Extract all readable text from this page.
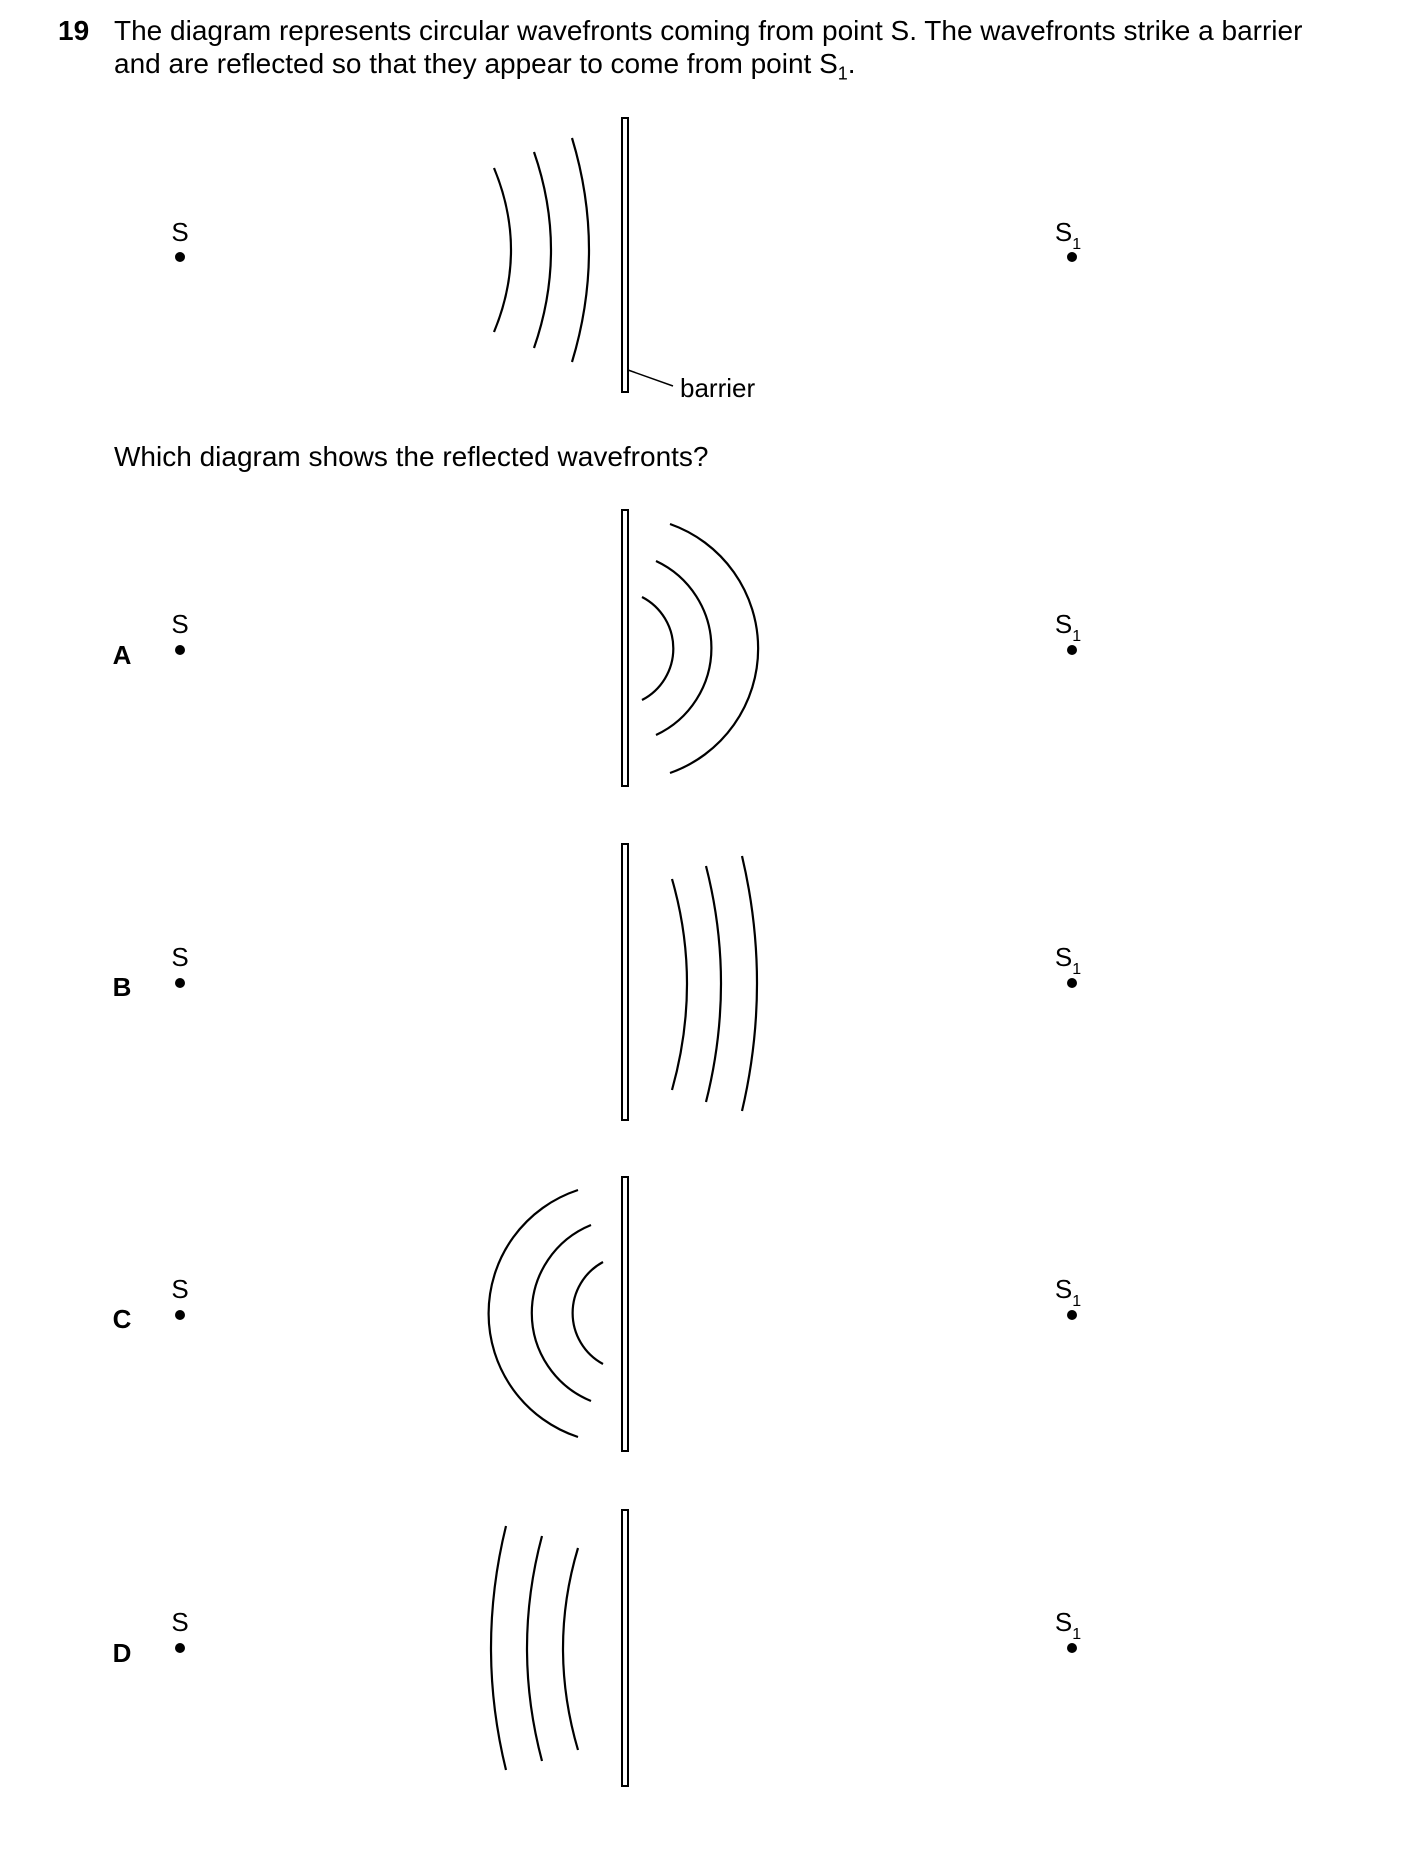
19 The diagram represents circular wavefronts coming from point S. The wavefronts strike a barrier
and are reflected so that they appear to come from point $S_1$.
Which diagram shows the reflected wavefronts?
S
barrier
$S_1$
A
S	$S_1$
B
S	$S_1$
C
S	$S_1$
D
S	$S_1$
